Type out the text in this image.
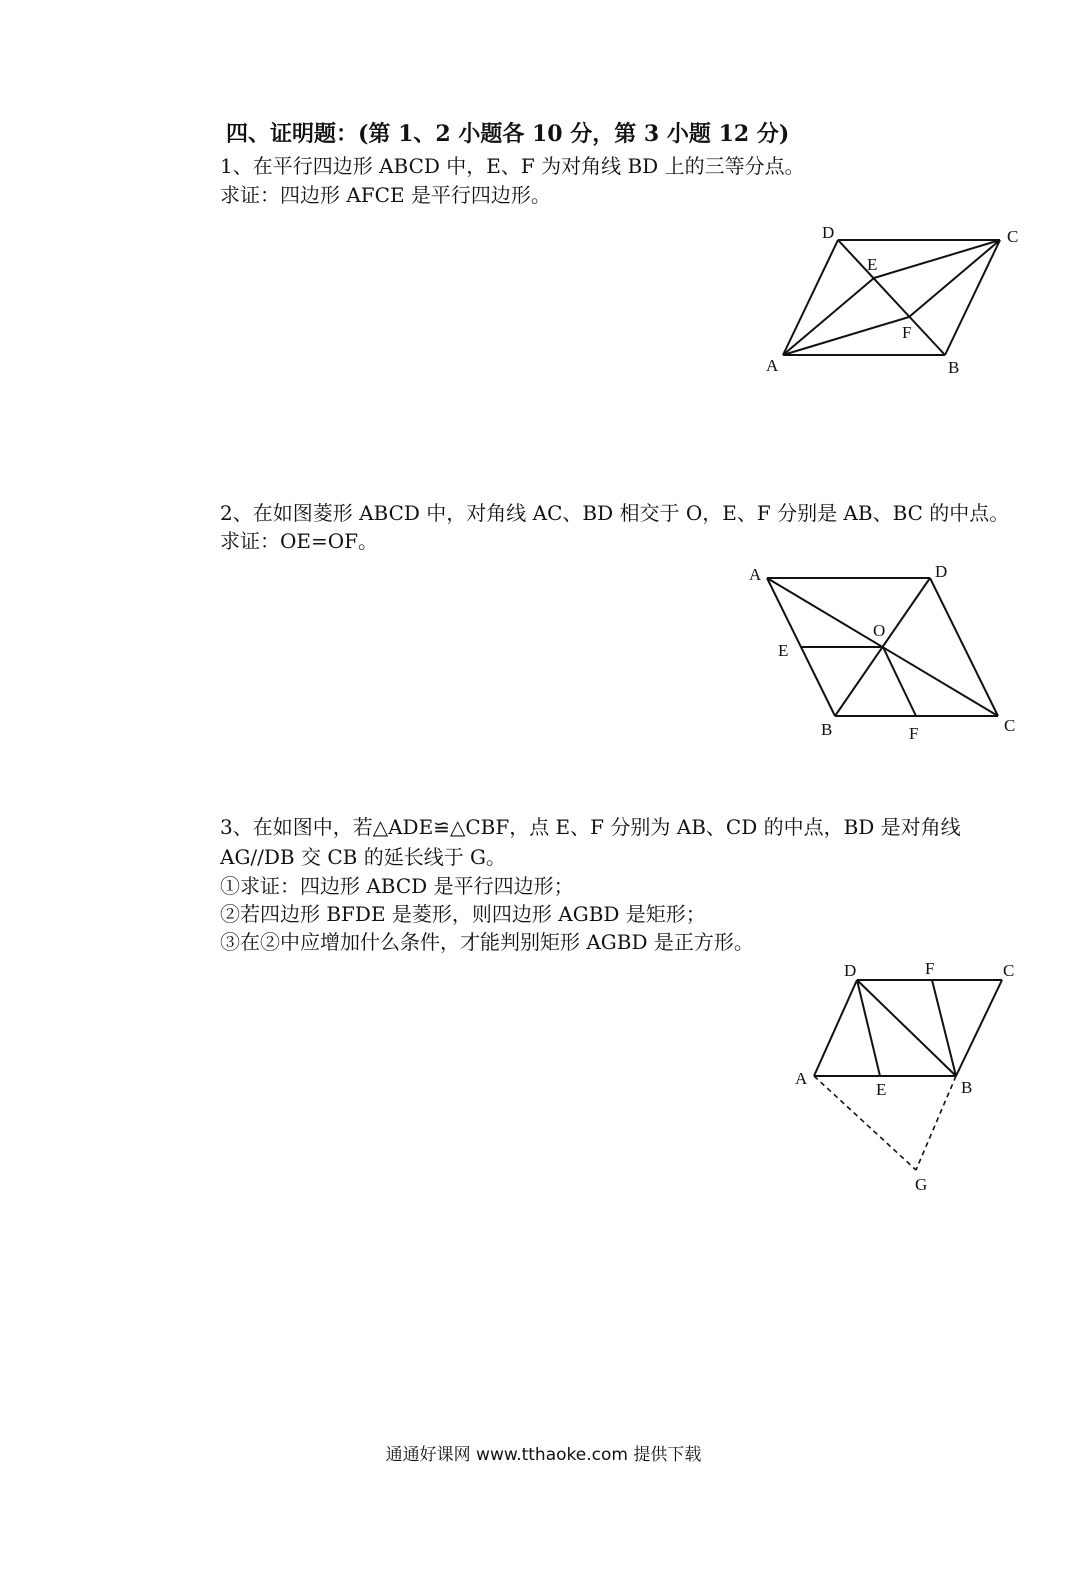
四、证明题：(第 1、2 小题各 10 分，第 3 小题 12 分)
1、在平行四边形 ABCD 中，E、F 为对角线 BD 上的三等分点。
求证：四边形 AFCE 是平行四边形。
A	B
C
D
E
F
2、在如图菱形 ABCD 中，对角线 AC、BD 相交于 O，E、F 分别是 AB、BC 的中点。
求证：OE=OF。
A	D
O
E
B	F	C
3、在如图中，若△ADE≌△CBF，点 E、F 分别为 AB、CD 的中点，BD 是对角线
AG//DB 交 CB 的延长线于 G。
①求证：四边形 ABCD 是平行四边形；
②若四边形 BFDE 是菱形，则四边形 AGBD 是矩形；
③在②中应增加什么条件，才能判别矩形 AGBD 是正方形。
D	F	C
A
E	B
G
通通好课网 www.tthaoke.com 提供下载
